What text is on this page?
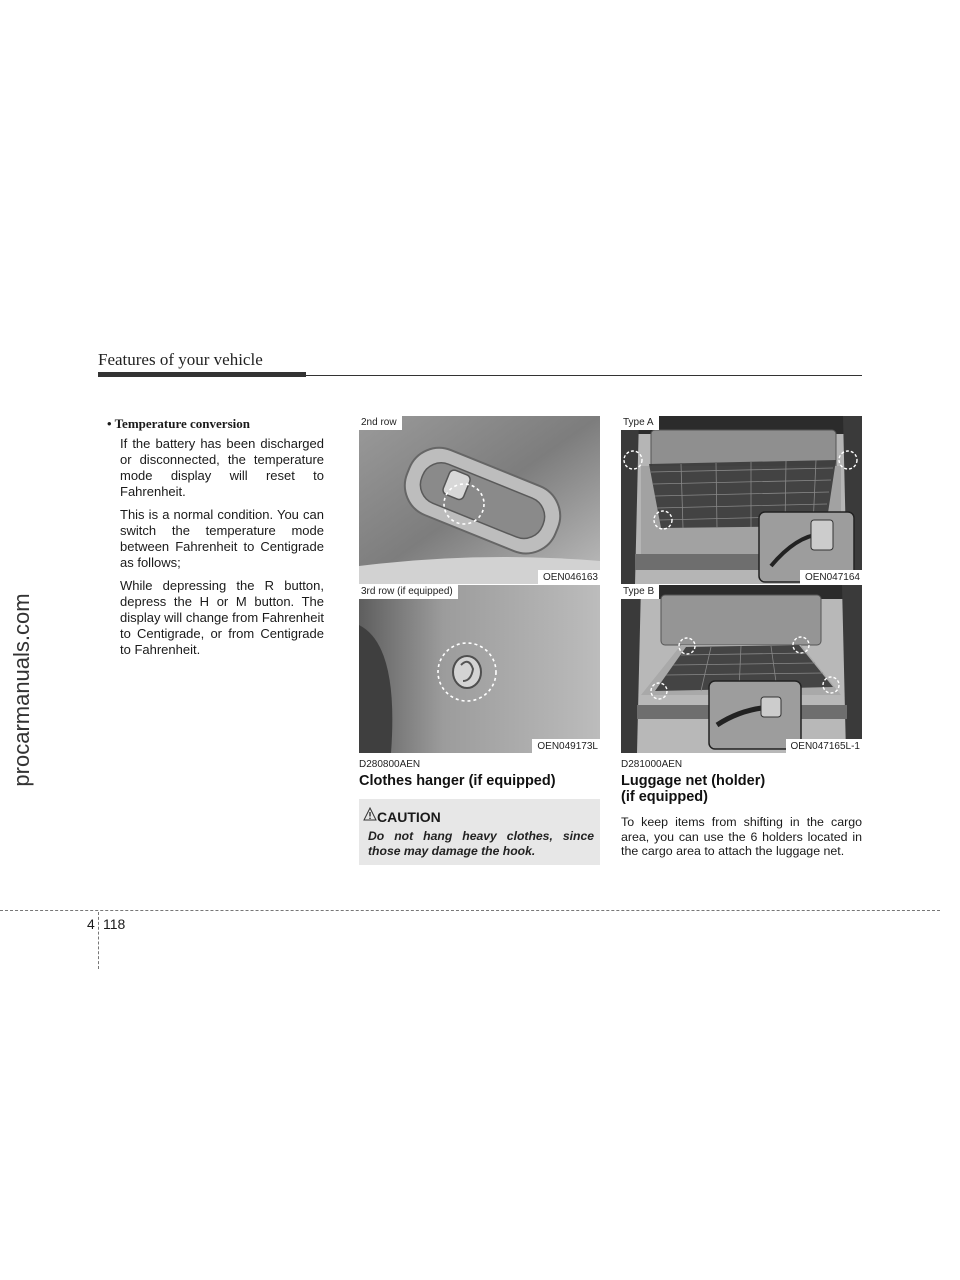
Features of your vehicle
procarmanuals.com
• Temperature conversion

If the battery has been discharged or disconnected, the temperature mode display will reset to Fahrenheit.

This is a normal condition. You can switch the temperature mode between Fahrenheit to Centigrade as follows;

While depressing the R button, depress the H or M button. The display will change from Fahrenheit to Centigrade, or from Centigrade to Fahrenheit.

2nd row
OEN046163
3rd row (if equipped)
OEN049173L
Type A
OEN047164
Type B
OEN047165L-1
D280800AEN
Clothes hanger (if equipped)
CAUTION
Do not hang heavy clothes, since those may damage the hook.
D281000AEN
Luggage net (holder)
(if equipped)
To keep items from shifting in the cargo area, you can use the 6 holders located in the cargo area to attach the luggage net.
4 118
